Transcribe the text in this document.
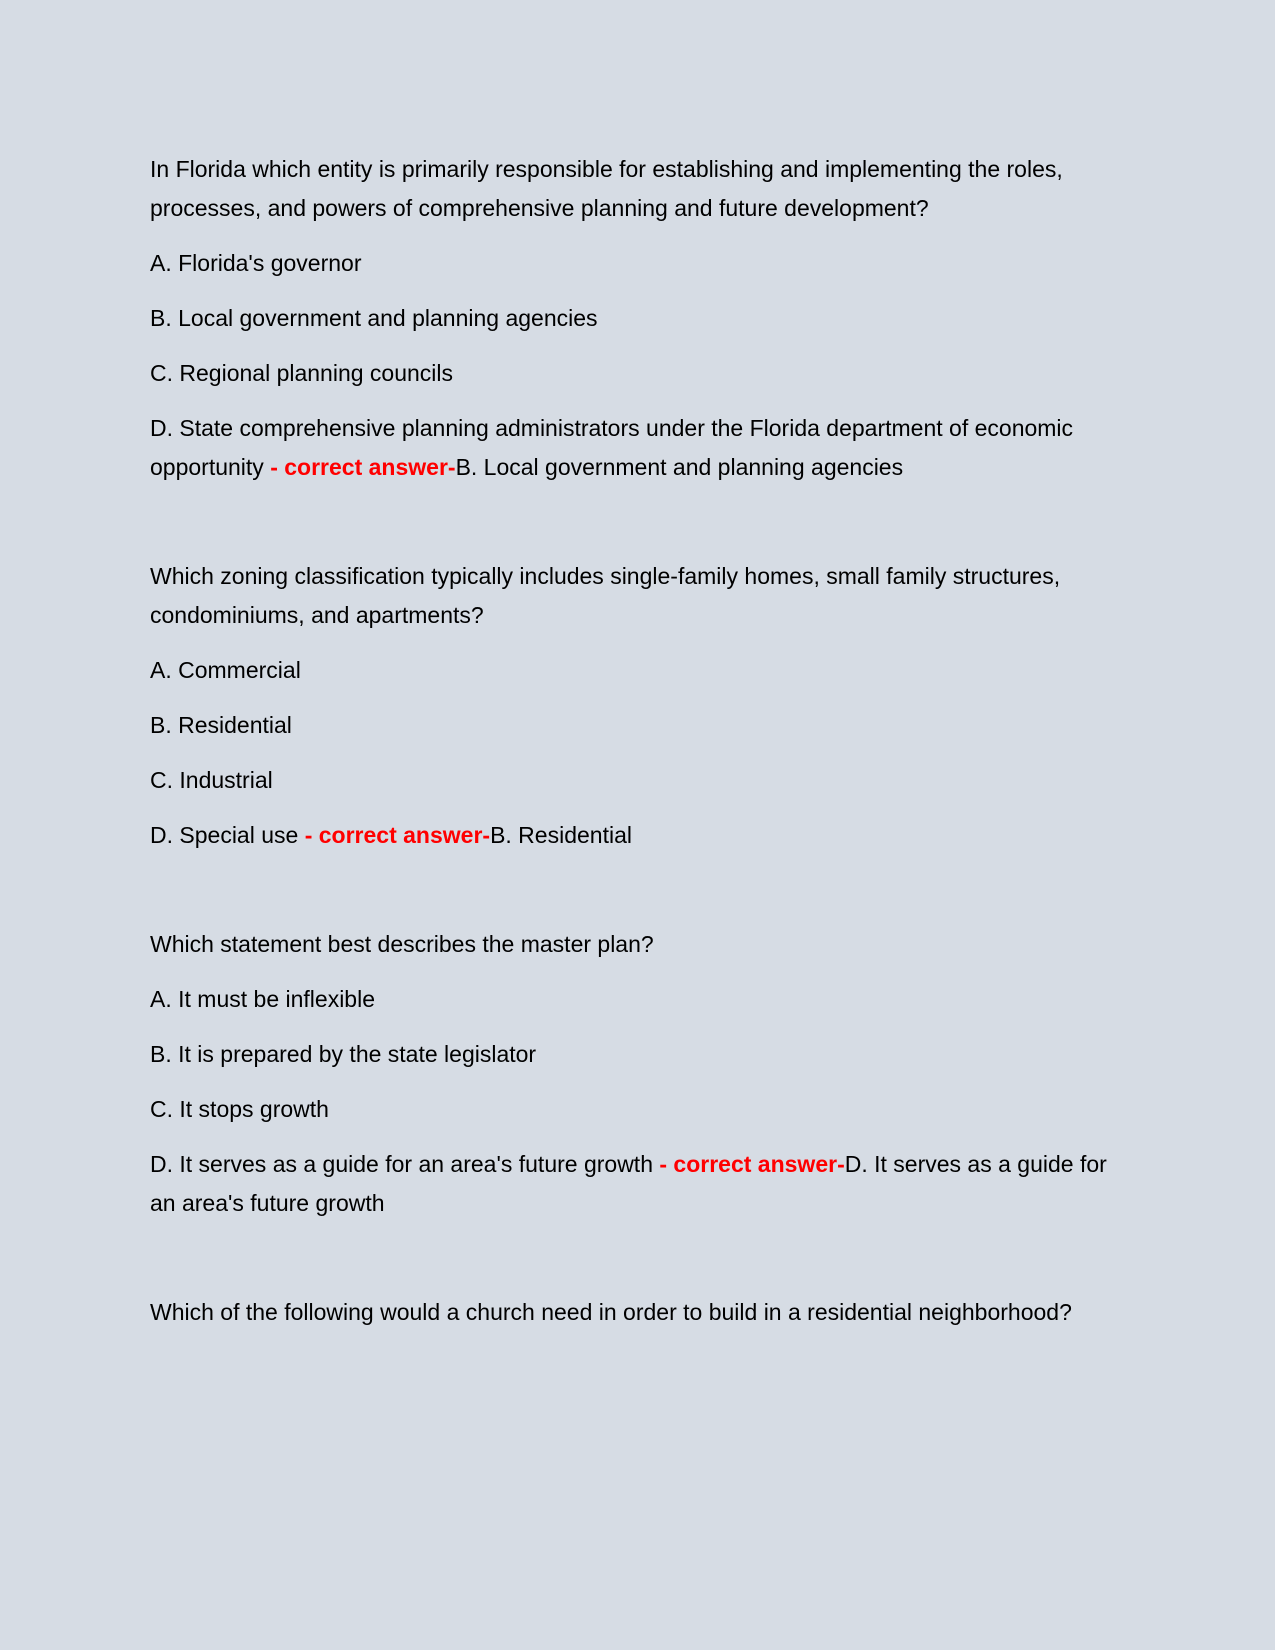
In Florida which entity is primarily responsible for establishing and implementing the roles, processes, and powers of comprehensive planning and future development?

A. Florida's governor

B. Local government and planning agencies

C. Regional planning councils

D. State comprehensive planning administrators under the Florida department of economic opportunity - correct answer-B. Local government and planning agencies

Which zoning classification typically includes single-family homes, small family structures, condominiums, and apartments?

A. Commercial

B. Residential

C. Industrial

D. Special use - correct answer-B. Residential

Which statement best describes the master plan?

A. It must be inflexible

B. It is prepared by the state legislator

C. It stops growth

D. It serves as a guide for an area's future growth - correct answer-D. It serves as a guide for an area's future growth

Which of the following would a church need in order to build in a residential neighborhood?
